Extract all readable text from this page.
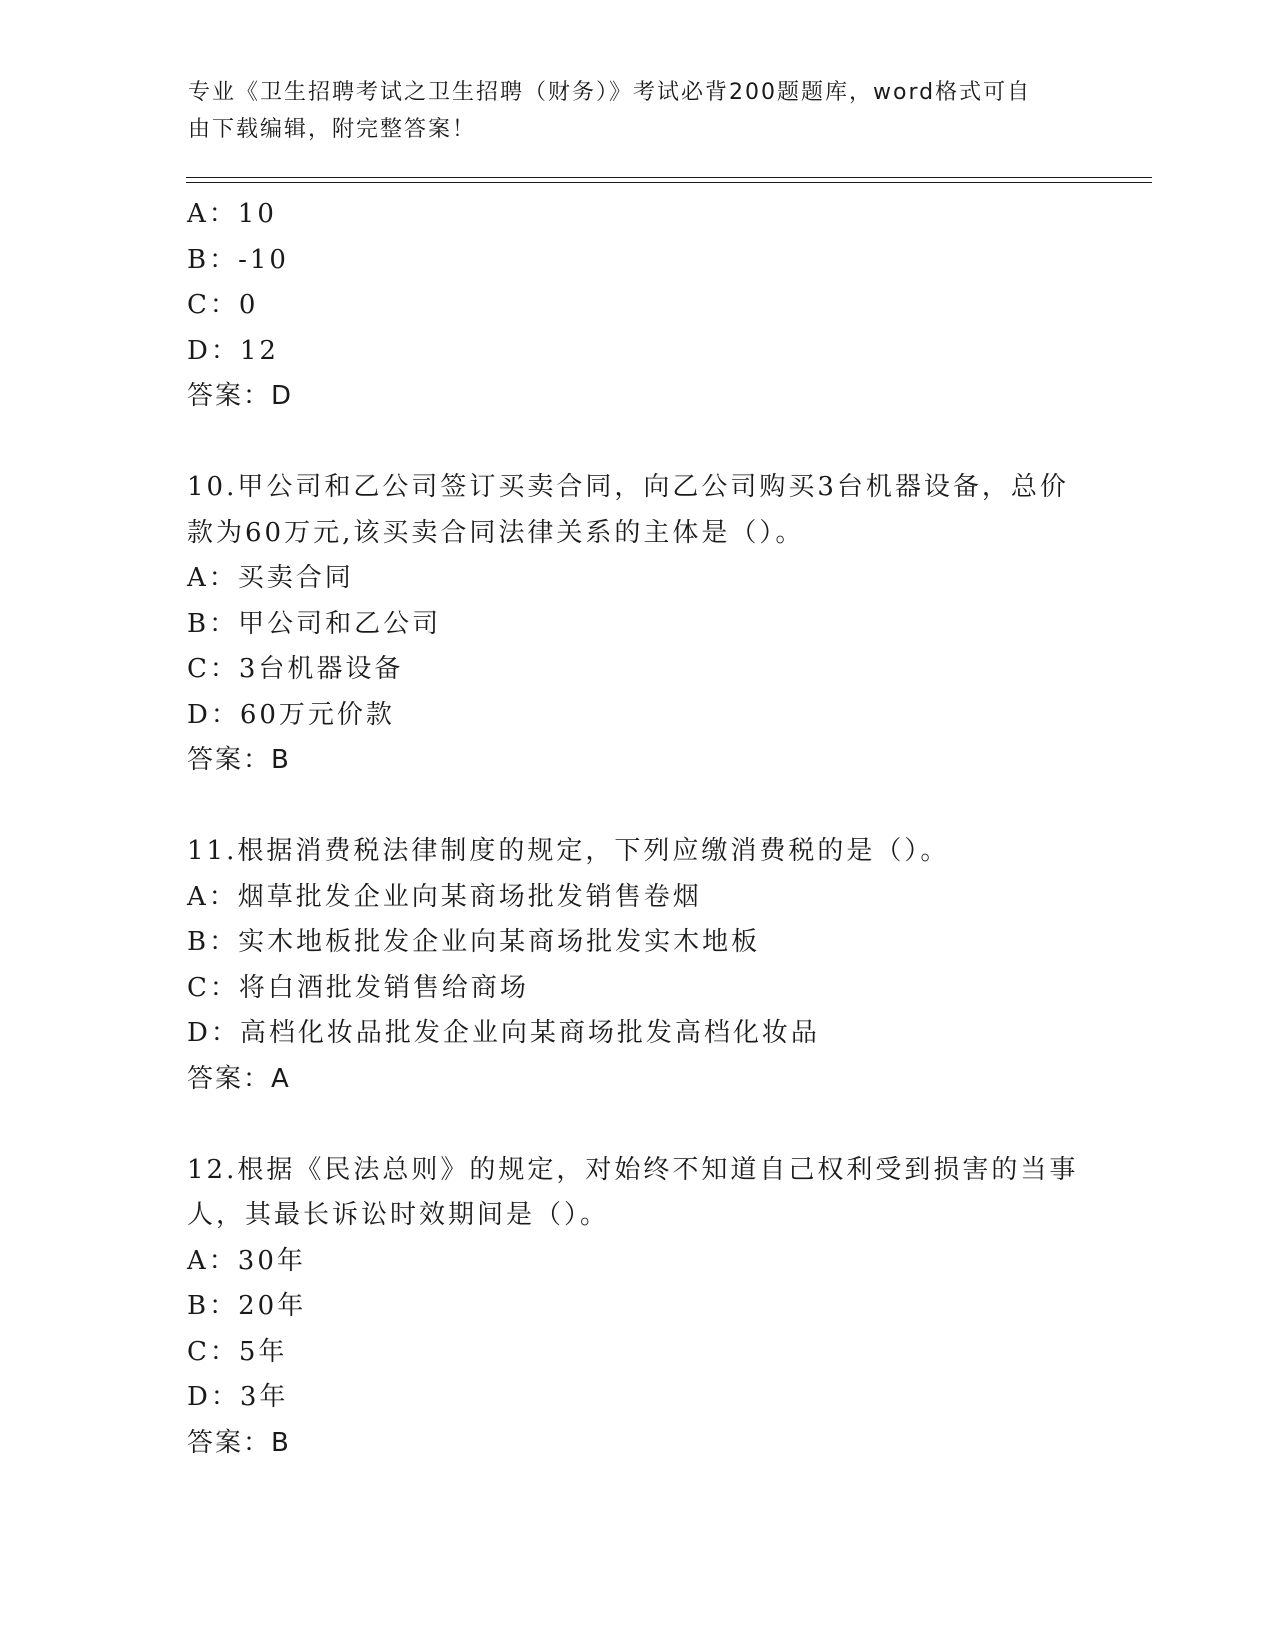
专业《卫生招聘考试之卫生招聘（财务）》考试必背200题题库，word格式可自
由下载编辑，附完整答案！
A：10
B：-10
C：0
D：12
答案：D
10.甲公司和乙公司签订买卖合同，向乙公司购买3台机器设备，总价
款为60万元,该买卖合同法律关系的主体是（）。
A：买卖合同
B：甲公司和乙公司
C：3台机器设备
D：60万元价款
答案：B
11.根据消费税法律制度的规定，下列应缴消费税的是（）。
A：烟草批发企业向某商场批发销售卷烟
B：实木地板批发企业向某商场批发实木地板
C：将白酒批发销售给商场
D：高档化妆品批发企业向某商场批发高档化妆品
答案：A
12.根据《民法总则》的规定，对始终不知道自己权利受到损害的当事
人，其最长诉讼时效期间是（）。
A：30年
B：20年
C：5年
D：3年
答案：B
